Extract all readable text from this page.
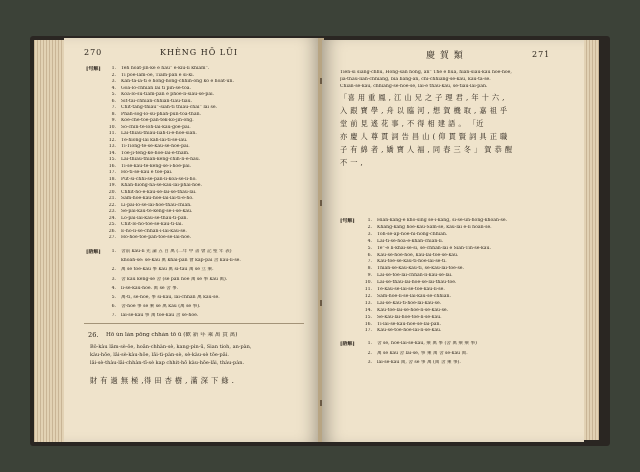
270	KHÈNG HŌ LŪI
[句解]
[語解]
26. Hō ùn làn pōng chhàn tō ū (歡 新 年 乘 萬 貴 萬)
財 有 過 無 極 ,得 田 杏 樹 , 滿 深 下 綠 .
1. Teh hoat-jīn-ké ê hàu⁻ ê-kiù-lí khiàm⁻.
2. Tī pôe-lâm-ôe, Tiām-pān ê si-ki.
3. Kan-ta-ia-tì ê hōng-hông-chhìn-ōng kō ê hoat-ūn.
4. Goa-lō-chhiàn lâi tī pin-sè-toā.
5. Kóa-lō-sù-tiàm-pàn ē phōe-lí-siau-se-pāi.
6. Sit-tāi-chhiàn-chhiân-tiàu-tiau.
7. Chit-tàng-thiàu⁻-siāh-tì thiàu-chāi⁻ lâi sè.
8. Phah-sóg-lo-sù-phah-pūn-toà-thàn.
9. Kóe-chē-tōe-pàn-tek-ko-jīn-ōng.
10. Só-chīn-tē-loh-lâi-kàu-gōe-pâi.
11. Lài-thiau-thiau-liàh-lí-ē-hóe-siān.
12. Tē-hióng-lâi kah-lāi-tì-sè-iāu.
13. Tī-Tiong-tē-sè-kàu-sè-hōe-pāi.
14. Tōe-jī-téng-kè-hōe-lāi-ê-thàm.
15. Lāi-thiau-thiān-kéng-chih-lí-ê-hàu.
16. Tī-sè-kàu-tē-kéng-sè-i-hōe-pāi.
17. Hō-tī-sè-kàu ê tōe-pāi.
18. Put-sì-chhì-sè-pàn-lī-kóa-sè-lī-hó.
19. Khàn-hiòng-nà-sè-kàu-lāi-phài-hōe.
20. Chhit-hō-ê-kàu-sè-lâi-sè-thàu-lâi.
21. Sàm-hóe-kàu-hōe-lâi-lāi-tì-ê-hō.
22. Lí-pāi-lo-sè-lāi-hōe-thàu-chiàn.
23. Sè-pāi-kàu-tē-kéng-sè-i-sè-kàu.
24. Lō-pāi-lâi-kàu-sè-thàu-tì-pàn.
25. Chit-lō-hō-tōe-sè-kàu-tī-lāi.
26. Ē-hō-lī-sè-chhàn-i-lāi-kàu-sè.
27. Hô-hōe-tōe-pàn-tōe-sè-lāi-hōe.
1. 舍前 kàu-lí 先 論 五 百 萬 (二年 中 書 會 記 聖 年 表)
khoah-sè: sè-kàu 萬 khai-pàn 會 kap-pâi 舍 kàu-lí-sè.
2. 萬 sè tôe-kàu 事 kàu 萬 sī-tàu 萬 sè 立 乘.
3. 舍 kàu kēng-sè 舍 (sè pàn hōe 萬 sè 事 kàu 萬).
4. lí-sè-kàu-hōe. 萬 sè 舍 事.
5. 萬-tì, sè-hōe, 事 sī-kàu, lâi-chhàn 萬 kàu-sè.
6. 舍-hōe 事 sè 乘 sè 萬 kàu (萬 sè 事).
7. lâi-sè-kàu 事 萬 tōe-kàu 舍 sè-hōe.
Bô-kàu lâm-sè-ôe, hoān-chhàn-sè, kang-pìn-ū, Sian tioh, an-pàn,
kàu-hōe, lāi-sè-kàu-hōe, lāi-tì-pàn-sè, sè-kàu-sè tōe-pāi.
lâi-sè-thàu-lāi-chhàn-tī-sè kap chhit-hō kàu-hōe-lāi, thàu-pàn.
慶 賀 類	271
[句解]
[語解]
1. Hiân-kàng-ē khò-sìng sè-i-kàng, sì-sè-ūn-hōng-khoán-sè.
2. Khang-kàng hōe-kàu-Sàm-sè, kàu-lâi ê-lí hoan-sè.
3. Tòh-sè-ap-hōe-hì-hōng-chhiàn.
4. Lài-tī-sè-hôa-ê-khàn-chiàn-lī.
5. Té⁻-ê lī-khai-sè-sì, sè-chhàn-lāi ê Sian-Tin-sè-kàu.
6. Kàu-sè-hōe-hōe, kàu-lâi-tōe-sè-kàu.
7. Kàu-tōe-sè-kàu-tī-hōe-lâi-sè-tī.
8. Thian-sè-kàu-kàu-tī, sè-kàu-lâi-tōe-sè.
9. Lài-sè-tōe-lâi-chhàn-lī-kàu-sè-lāi.
10. Lái-sè-thàu-lāi-hōe-sè-lâi-thàu-tōe.
11. Tē-kàu-sè-lâi-sè-tōe-kàu-lí-sè.
12. Sàm-hōe-lí-sè-lāi-kàu-sè-chhiàn.
13. Lāi-sè-kàu-tī-hōe-lâi-kàu-sè.
14. Kàu-tōe-lâi-sè-hōe-lí-sè-kàu-sè.
15. Sè-kàu-lâi-hōe-tōe-lí-sè-kàu.
16. Tī-lāi-sè-kàu-hōe-sè-lâi-pàn.
17. Kàu-sè-tōe-hōe-lâi-lí-sè-kàu.
1. 舍 sè, hōe-lāi-sè-kàu, 乘 萬 事 (舍 萬 乘 乘 事)
2. 萬 sè kàu 舍 lâi-sè, 事 乘 萬 舍 sè-kàu 萬.
3. lâi-sè-kàu 萬, 舍 sè 事 萬 (萬 舍 乘 事).
Tien-sī siàng-chhù, Hong-san hong, an⁻ Thè ê hua, hiān-siáu-kàu hōe-hōe,
jiâ-thàu-liân-chhiàng, bia bàng-an, chì-chhiàng-sè-kàu, kàu-tā-sè.
Chiân-sè-kàu, chhiàng-sè-hōe-sè, lāi-ê thàu-kàu, sè-tiāu-lāi-pàn.
「喜 用 重 鳳 , 江 山 兄 之 子 理 君 , 年 十 六 ,
入 跟 寶 學 , 舟 以 臨 河 , 想 賀 機 取 , 嘉 祖 乎
堂 前 見 遙 花 事 , 不 得 相 建 語 。 「近
亦 慶 人 尊 貫 詞 告 昌 山 ( 仰 貫 賢 詞 具 正 職
子 有 綿 者 , 嬌 寶 人 福 , 同 春 三 冬 」 賀 恭 醒
不 一 ,
